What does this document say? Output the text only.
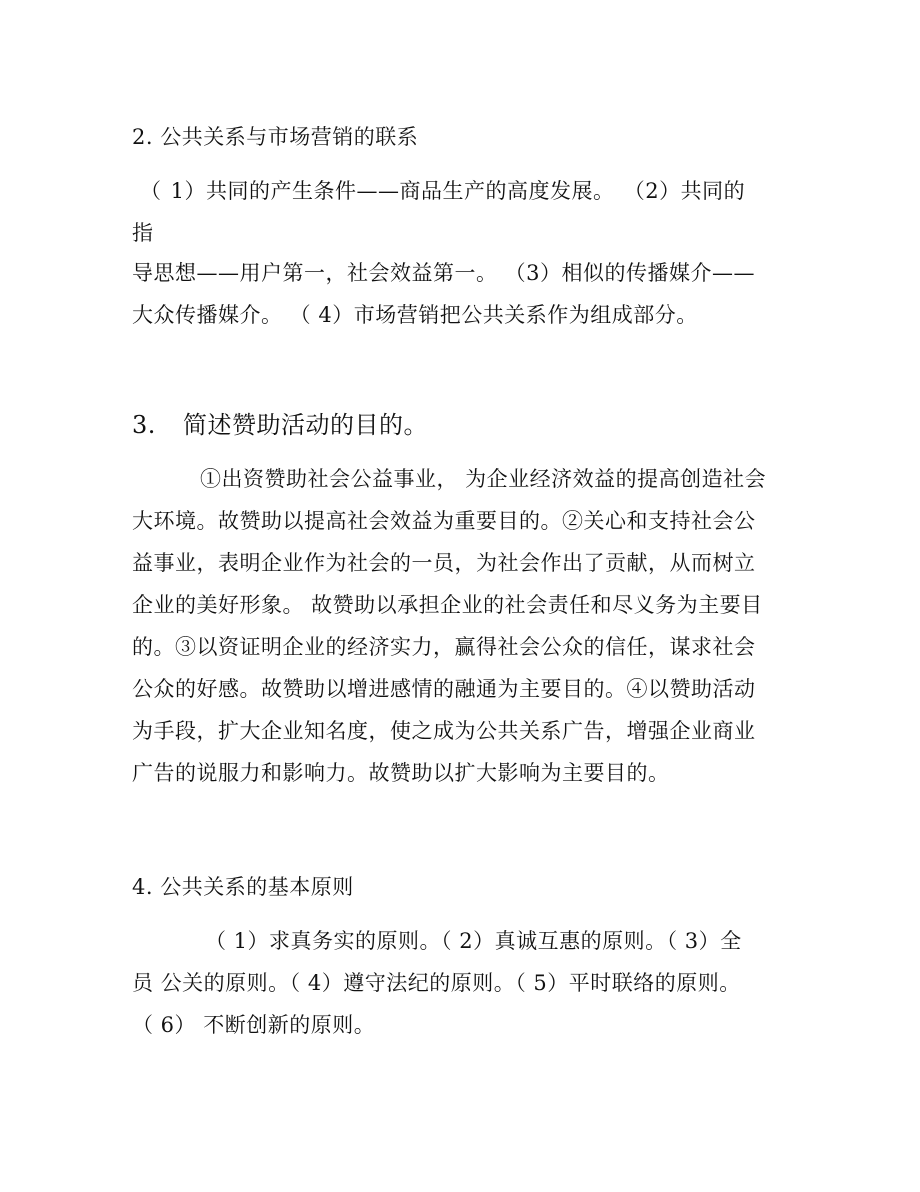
2. 公共关系与市场营销的联系
（ 1）共同的产生条件——商品生产的高度发展。 （2）共同的
指
导思想——用户第一，社会效益第一。 （3）相似的传播媒介——
大众传播媒介。 （ 4）市场营销把公共关系作为组成部分。
3. 简述赞助活动的目的。
①出资赞助社会公益事业， 为企业经济效益的提高创造社会
大环境。故赞助以提高社会效益为重要目的。②关心和支持社会公
益事业，表明企业作为社会的一员，为社会作出了贡献，从而树立
企业的美好形象。 故赞助以承担企业的社会责任和尽义务为主要目
的。③以资证明企业的经济实力，赢得社会公众的信任，谋求社会
公众的好感。故赞助以增进感情的融通为主要目的。④以赞助活动
为手段，扩大企业知名度，使之成为公共关系广告，增强企业商业
广告的说服力和影响力。故赞助以扩大影响为主要目的。
4. 公共关系的基本原则
（ 1）求真务实的原则。（ 2）真诚互惠的原则。（ 3）全
员 公关的原则。（ 4）遵守法纪的原则。（ 5）平时联络的原则。
（ 6） 不断创新的原则。
